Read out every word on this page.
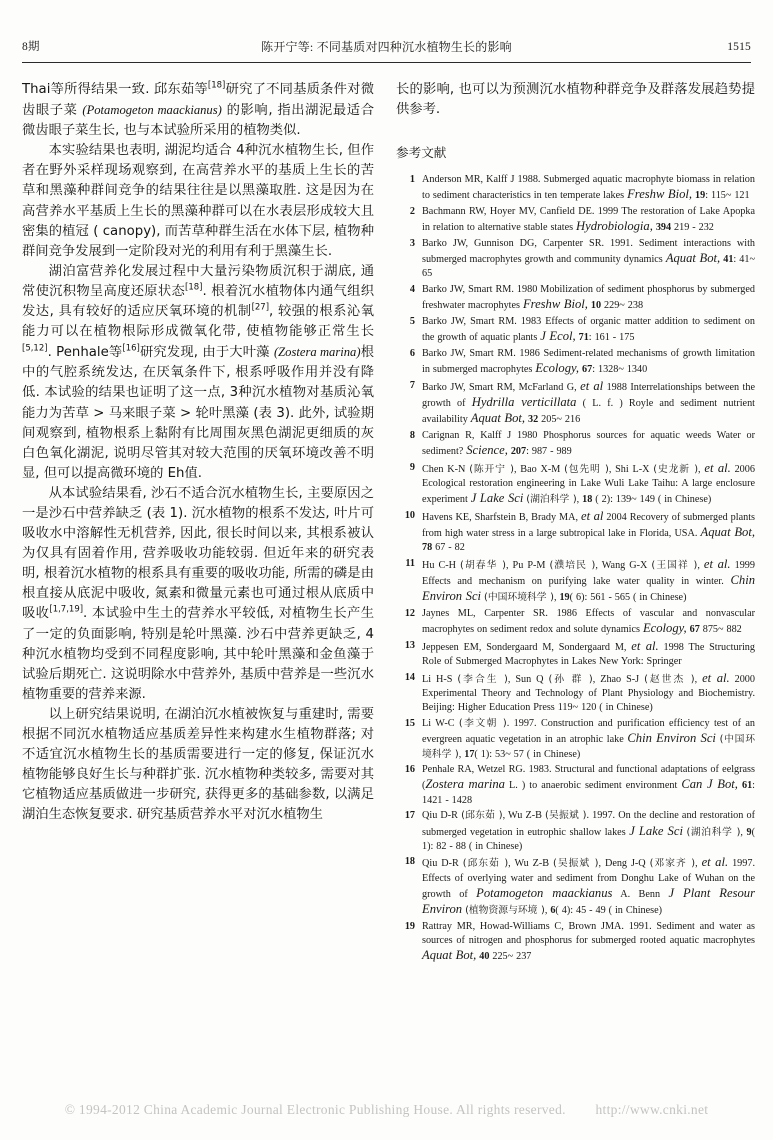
8期	陈开宁等: 不同基质对四种沉水植物生长的影响	1515

Thai等所得结果一致. 邱东茹等[18]研究了不同基质条件对微齿眼子菜 (Potamogeton maackianus) 的影响, 指出湖泥最适合微齿眼子菜生长, 也与本试验所采用的植物类似.

本实验结果也表明, 湖泥均适合 4种沉水植物生长, 但作者在野外采样现场观察到, 在高营养水平的基质上生长的苦草和黑藻种群间竞争的结果往往是以黑藻取胜. 这是因为在高营养水平基质上生长的黑藻种群可以在水表层形成较大且密集的植冠 ( canopy), 而苦草种群生活在水体下层, 植物种群间竞争发展到一定阶段对光的利用有利于黑藻生长.

湖泊富营养化发展过程中大量污染物质沉积于湖底, 通常使沉积物呈高度还原状态[18]. 根着沉水植物体内通气组织发达, 具有较好的适应厌氧环境的机制[27], 较强的根系沁氧能力可以在植物根际形成微氧化带, 使植物能够正常生长[5,12]. Penhale等[16]研究发现, 由于大叶藻 (Zostera marina)根中的气腔系统发达, 在厌氧条件下, 根系呼吸作用并没有降低. 本试验的结果也证明了这一点, 3种沉水植物对基质沁氧能力为苦草 > 马来眼子菜 > 轮叶黑藻 (表 3). 此外, 试验期间观察到, 植物根系上黏附有比周围灰黑色湖泥更细质的灰白色氧化湖泥, 说明尽管其对较大范围的厌氧环境改善不明显, 但可以提高微环境的 Eh值.

从本试验结果看, 沙石不适合沉水植物生长, 主要原因之一是沙石中营养缺乏 (表 1). 沉水植物的根系不发达, 叶片可吸收水中溶解性无机营养, 因此, 很长时间以来, 其根系被认为仅具有固着作用, 营养吸收功能较弱. 但近年来的研究表明, 根着沉水植物的根系具有重要的吸收功能, 所需的磷是由根直接从底泥中吸收, 氮素和微量元素也可通过根从底质中吸收[1,7,19]. 本试验中生土的营养水平较低, 对植物生长产生了一定的负面影响, 特别是轮叶黑藻. 沙石中营养更缺乏, 4种沉水植物均受到不同程度影响, 其中轮叶黑藻和金鱼藻于试验后期死亡. 这说明除水中营养外, 基质中营养是一些沉水植物重要的营养来源.

以上研究结果说明, 在湖泊沉水植被恢复与重建时, 需要根据不同沉水植物适应基质差异性来构建水生植物群落; 对不适宜沉水植物生长的基质需要进行一定的修复, 保证沉水植物能够良好生长与种群扩张. 沉水植物种类较多, 需要对其它植物适应基质做进一步研究, 获得更多的基础参数, 以满足湖泊生态恢复要求. 研究基质营养水平对沉水植物生

长的影响, 也可以为预测沉水植物种群竞争及群落发展趋势提供参考.
参考文献
1 Anderson MR, Kalff J 1988. Submerged aquatic macrophyte biomass in relation to sediment characteristics in ten temperate lakes Freshw Biol, 19: 115~ 121
2 Bachmann RW, Hoyer MV, Canfield DE. 1999 The restoration of Lake Apopka in relation to alternative stable states Hydrobiologia, 394 219 - 232
3 Barko JW, Gunnison DG, Carpenter SR. 1991. Sediment interactions with submerged macrophytes growth and community dynamics Aquat Bot, 41: 41~ 65
4 Barko JW, Smart RM. 1980 Mobilization of sediment phosphorus by submerged freshwater macrophytes Freshw Biol, 10 229~ 238
5 Barko JW, Smart RM. 1983 Effects of organic matter addition to sediment on the growth of aquatic plants J Ecol, 71: 161 - 175
6 Barko JW, Smart RM. 1986 Sediment-related mechanisms of growth limitation in submerged macrophytes Ecology, 67: 1328~ 1340
7 Barko JW, Smart RM, McFarland G, et al 1988 Interrelationships between the growth of Hydrilla verticillata ( L. f. ) Royle and sediment nutrient availability Aquat Bot, 32 205~ 216
8 Carignan R, Kalff J 1980 Phosphorus sources for aquatic weeds Water or sediment? Science, 207: 987 - 989
9 Chen K-N (陈开宁 ), Bao X-M (包先明 ), Shi L-X (史龙新 ), et al. 2006 Ecological restoration engineering in Lake Wuli Lake Taihu: A large enclosure experiment J Lake Sci (湖泊科学 ), 18 ( 2): 139~ 149 ( in Chinese)
10 Havens KE, Sharfstein B, Brady MA, et al 2004 Recovery of submerged plants from high water stress in a large subtropical lake in Florida, USA. Aquat Bot, 78 67 - 82
11 Hu C-H (胡春华 ), Pu P-M (濮培民 ), Wang G-X (王国祥 ), et al. 1999 Effects and mechanism on purifying lake water quality in winter. Chin Environ Sci (中国环境科学 ), 19( 6): 561 - 565 ( in Chinese)
12 Jaynes ML, Carpenter SR. 1986 Effects of vascular and nonvascular macrophytes on sediment redox and solute dynamics Ecology, 67 875~ 882
13 Jeppesen EM, Sondergaard M, Sondergaard M, et al. 1998 The Structuring Role of Submerged Macrophytes in Lakes New York: Springer
14 Li H-S (李合生 ), Sun Q (孙 群 ), Zhao S-J (赵世杰 ), et al. 2000 Experimental Theory and Technology of Plant Physiology and Biochemistry. Beijing: Higher Education Press 119~ 120 ( in Chinese)
15 Li W-C (李文朝 ). 1997. Construction and purification efficiency test of an evergreen aquatic vegetation in an atrophic lake Chin Environ Sci (中国环境科学 ), 17( 1): 53~ 57 ( in Chinese)
16 Penhale RA, Wetzel RG. 1983. Structural and functional adaptations of eelgrass (Zostera marina L. ) to anaerobic sediment environment Can J Bot, 61: 1421 - 1428
17 Qiu D-R (邱东茹 ), Wu Z-B (吴振斌 ). 1997. On the decline and restoration of submerged vegetation in eutrophic shallow lakes J Lake Sci (湖泊科学 ), 9( 1): 82 - 88 ( in Chinese)
18 Qiu D-R (邱东茹 ), Wu Z-B (吴振斌 ), Deng J-Q (邓家齐 ), et al. 1997. Effects of overlying water and sediment from Donghu Lake of Wuhan on the growth of Potamogeton maackianus A. Benn J Plant Resour Environ (植物资源与环境 ), 6( 4): 45 - 49 ( in Chinese)
19 Rattray MR, Howad-Williams C, Brown JMA. 1991. Sediment and water as sources of nitrogen and phosphorus for submerged rooted aquatic macrophytes Aquat Bot, 40 225~ 237
© 1994-2012 China Academic Journal Electronic Publishing House. All rights reserved. http://www.cnki.net
